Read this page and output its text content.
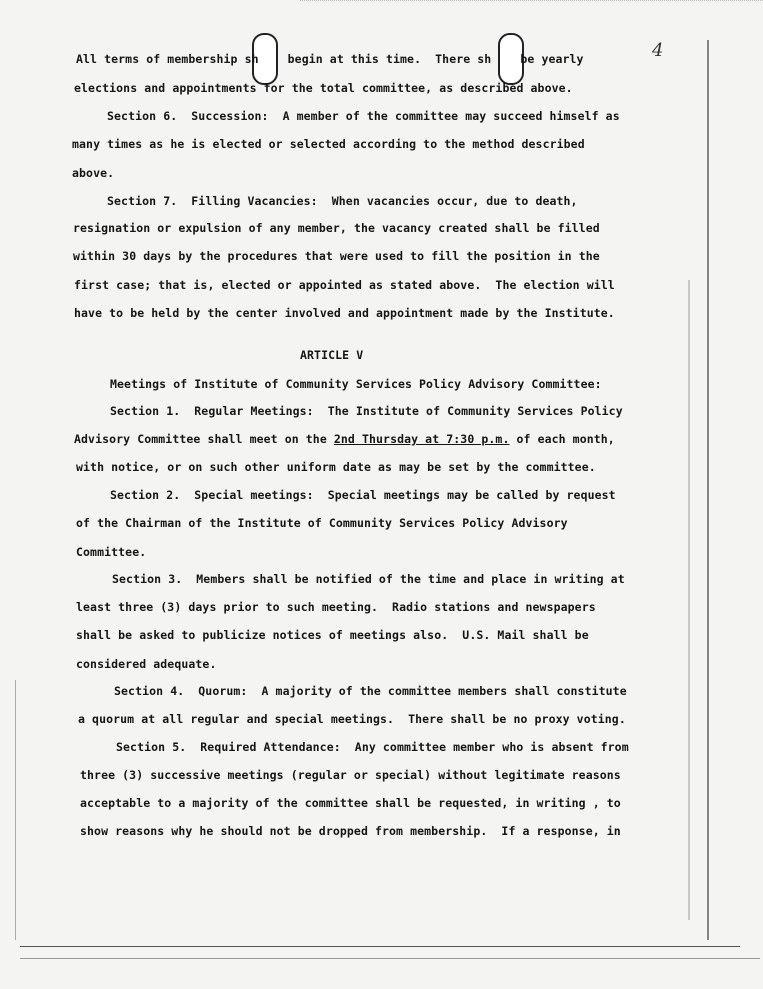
4
All terms of membership sh begin at this time.  There sh be yearly
elections and appointments for the total committee, as described above.
Section 6.  Succession:  A member of the committee may succeed himself as
many times as he is elected or selected according to the method described
above.
Section 7.  Filling Vacancies:  When vacancies occur, due to death,
resignation or expulsion of any member, the vacancy created shall be filled
within 30 days by the procedures that were used to fill the position in the
first case; that is, elected or appointed as stated above.  The election will
have to be held by the center involved and appointment made by the Institute.
ARTICLE V
Meetings of Institute of Community Services Policy Advisory Committee:
Section 1.  Regular Meetings:  The Institute of Community Services Policy
Advisory Committee shall meet on the 2nd Thursday at 7:30 p.m. of each month,
with notice, or on such other uniform date as may be set by the committee.
Section 2.  Special meetings:  Special meetings may be called by request
of the Chairman of the Institute of Community Services Policy Advisory
Committee.
Section 3.  Members shall be notified of the time and place in writing at
least three (3) days prior to such meeting.  Radio stations and newspapers
shall be asked to publicize notices of meetings also.  U.S. Mail shall be
considered adequate.
Section 4.  Quorum:  A majority of the committee members shall constitute
a quorum at all regular and special meetings.  There shall be no proxy voting.
Section 5.  Required Attendance:  Any committee member who is absent from
three (3) successive meetings (regular or special) without legitimate reasons
acceptable to a majority of the committee shall be requested, in writing , to
show reasons why he should not be dropped from membership.  If a response, in
